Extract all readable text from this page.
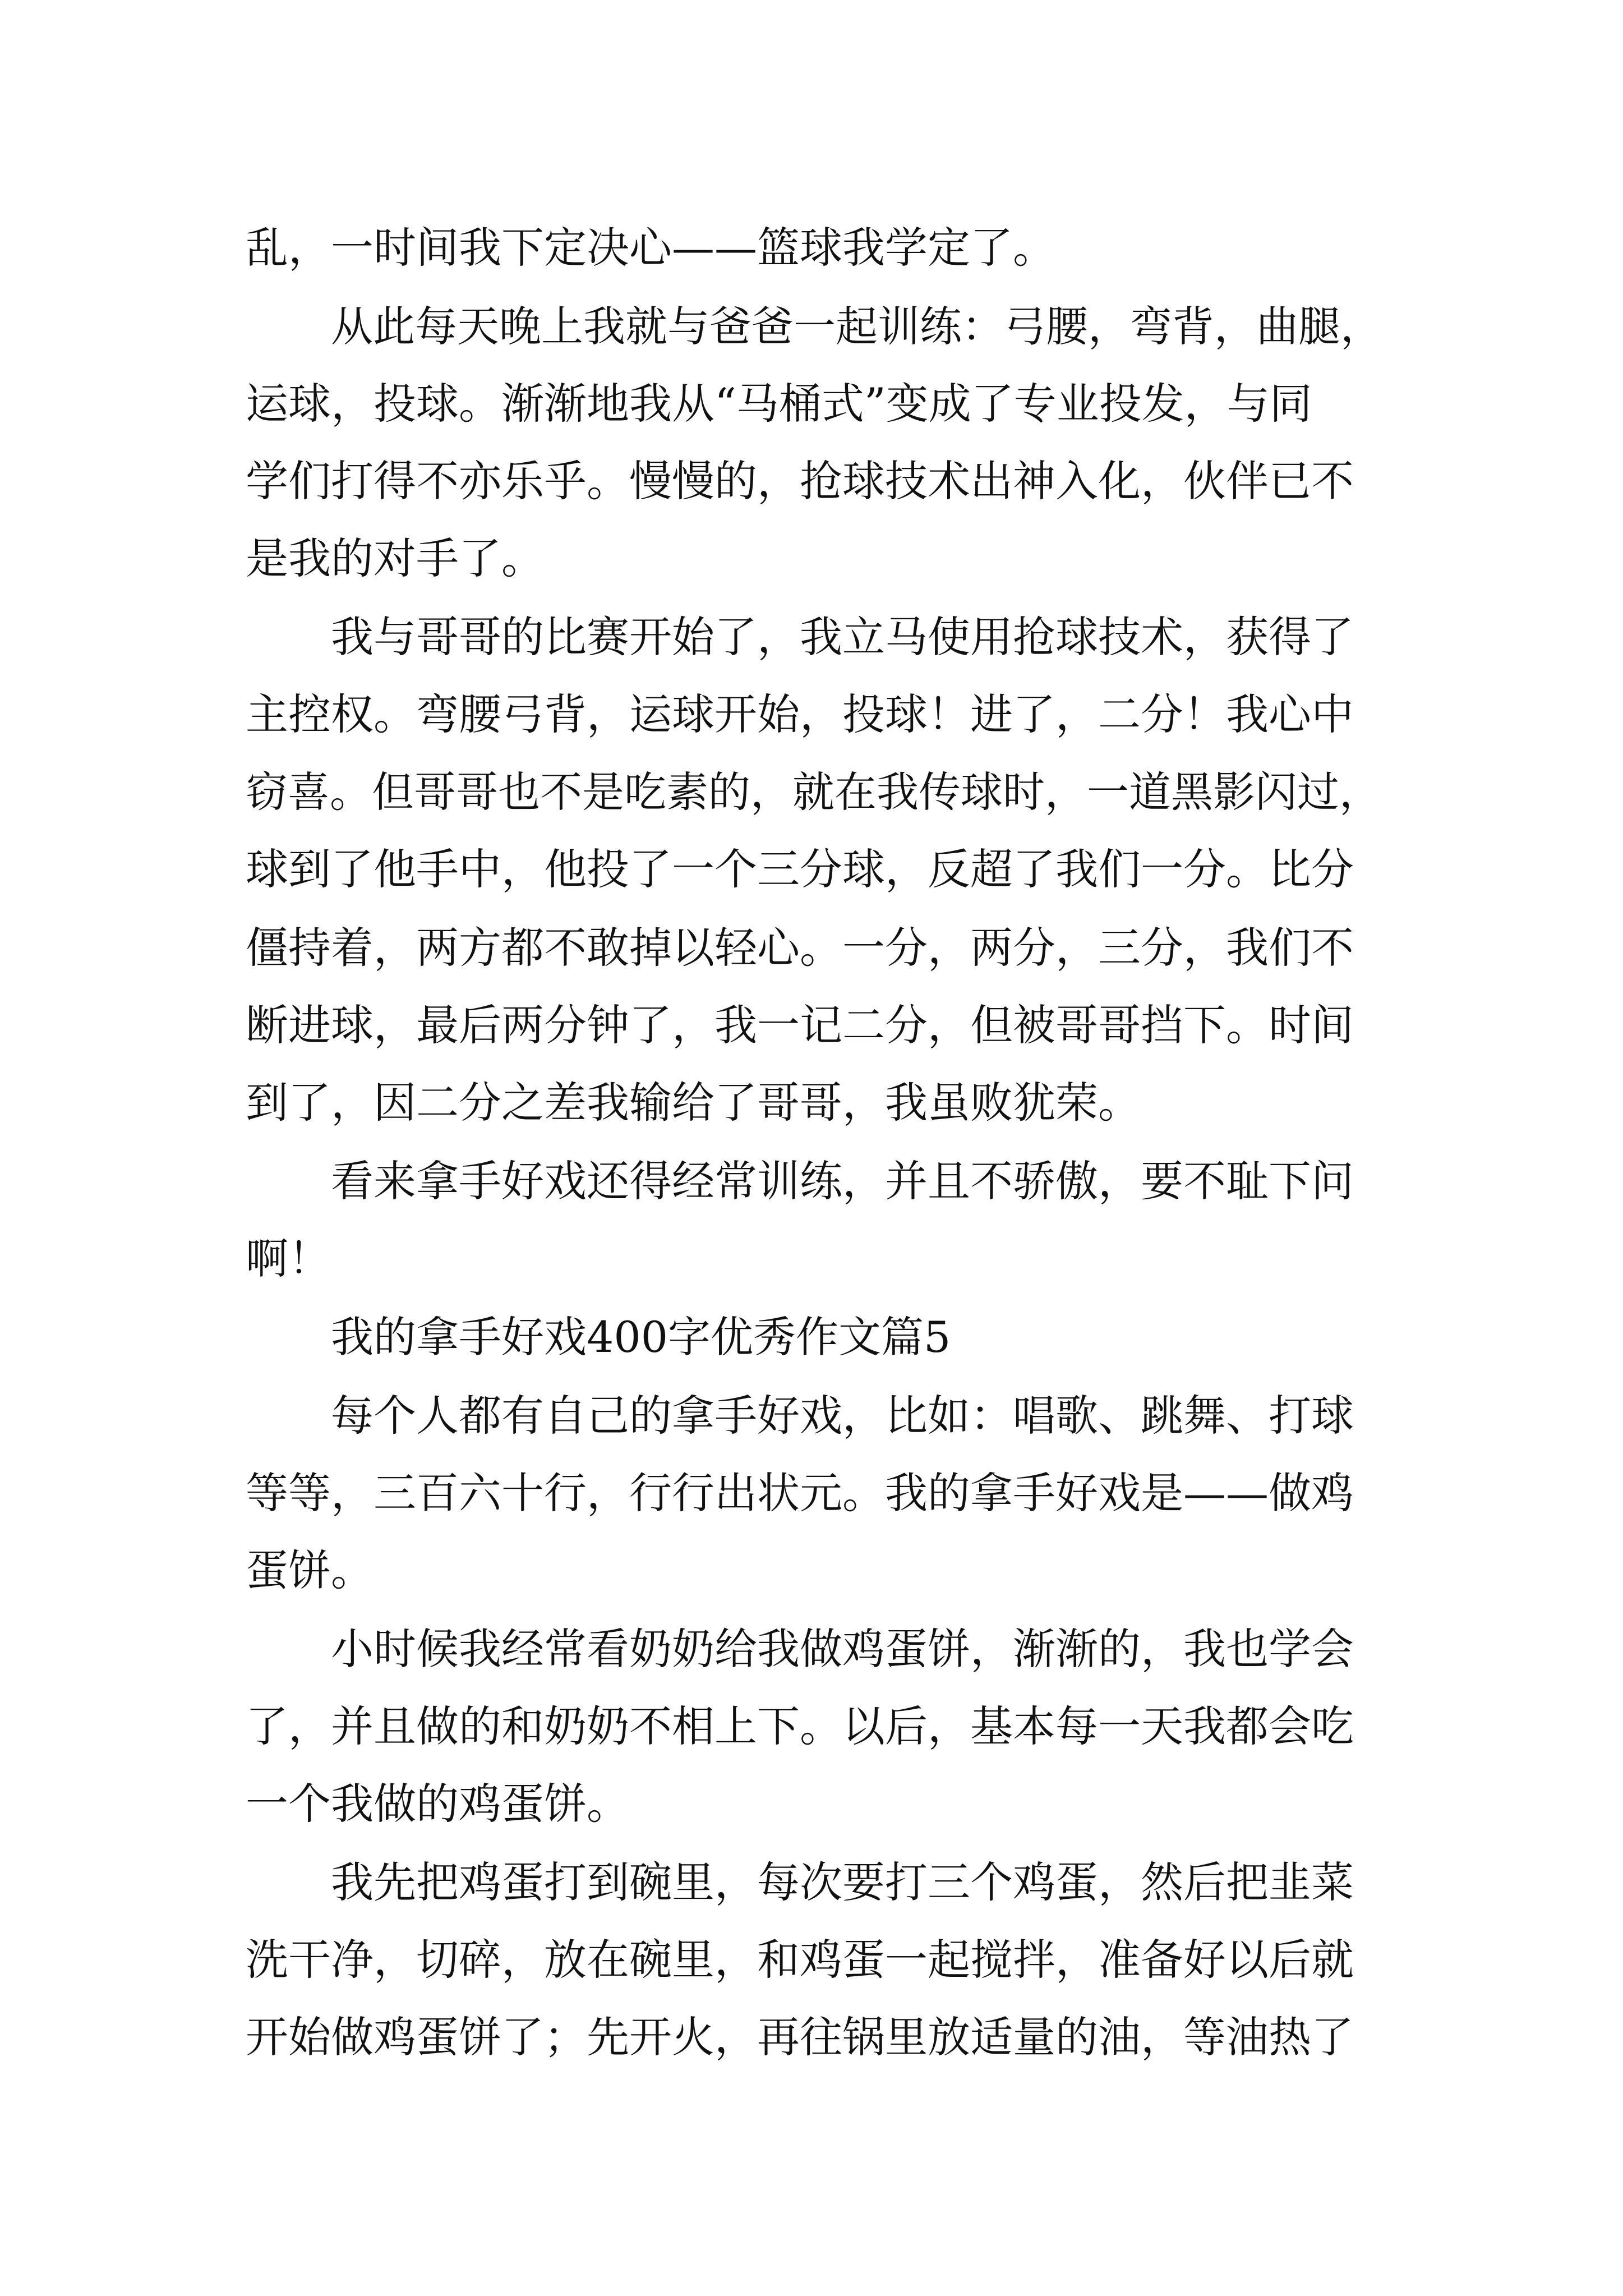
乱，一时间我下定决心——篮球我学定了。

从此每天晚上我就与爸爸一起训练：弓腰，弯背，曲腿，

运球，投球。渐渐地我从“马桶式”变成了专业投发，与同

学们打得不亦乐乎。慢慢的，抢球技术出神入化，伙伴已不

是我的对手了。

我与哥哥的比赛开始了，我立马使用抢球技术，获得了

主控权。弯腰弓背，运球开始，投球！进了，二分！我心中

窃喜。但哥哥也不是吃素的，就在我传球时，一道黑影闪过，

球到了他手中，他投了一个三分球，反超了我们一分。比分

僵持着，两方都不敢掉以轻心。一分，两分，三分，我们不

断进球，最后两分钟了，我一记二分，但被哥哥挡下。时间

到了，因二分之差我输给了哥哥，我虽败犹荣。

看来拿手好戏还得经常训练，并且不骄傲，要不耻下问

啊！

我的拿手好戏400字优秀作文篇5

每个人都有自己的拿手好戏，比如：唱歌、跳舞、打球

等等，三百六十行，行行出状元。我的拿手好戏是——做鸡

蛋饼。

小时候我经常看奶奶给我做鸡蛋饼，渐渐的，我也学会

了，并且做的和奶奶不相上下。以后，基本每一天我都会吃

一个我做的鸡蛋饼。

我先把鸡蛋打到碗里，每次要打三个鸡蛋，然后把韭菜

洗干净，切碎，放在碗里，和鸡蛋一起搅拌，准备好以后就

开始做鸡蛋饼了；先开火，再往锅里放适量的油，等油热了
